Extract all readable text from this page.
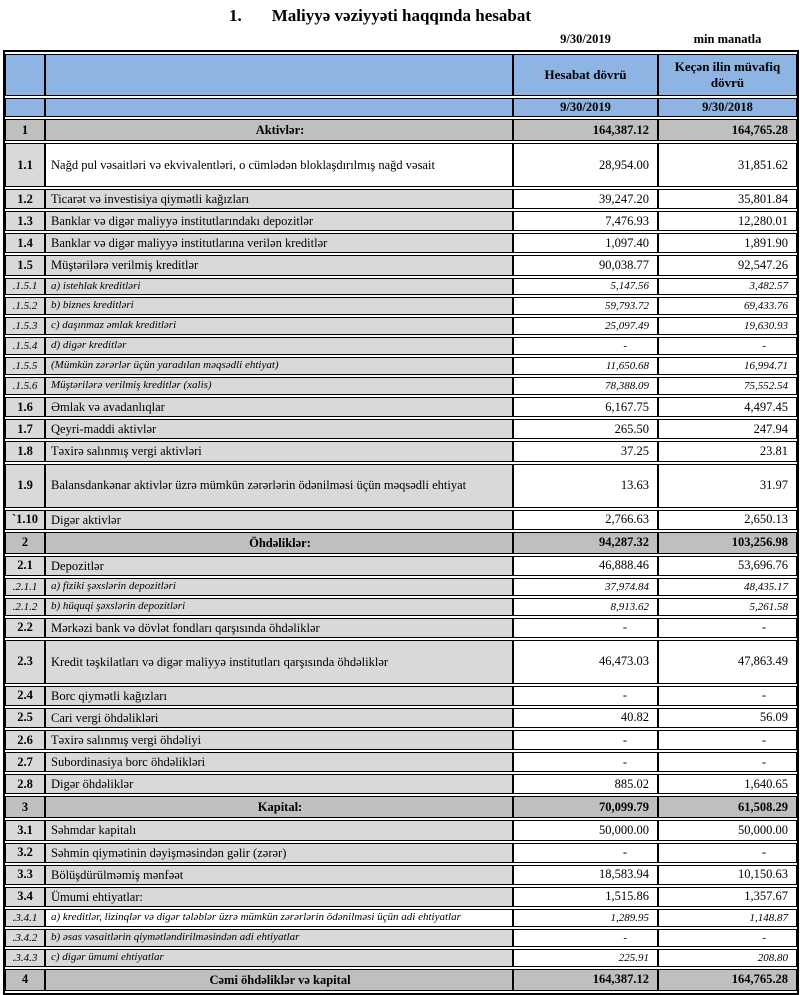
1. Maliyyə vəziyyəti haqqında hesabat
9/30/2019	min manatla
		Hesabat dövrü	Keçən ilin müvafiq dövrü
		9/30/2019	9/30/2018
1	Aktivlər:	164,387.12	164,765.28
1.1	Nağd pul vəsaitləri və ekvivalentləri, o cümlədən bloklaşdırılmış nağd vəsait	28,954.00	31,851.62
1.2	Ticarət və investisiya qiymətli kağızları	39,247.20	35,801.84
1.3	Banklar və digər maliyyə institutlarındakı depozitlər	7,476.93	12,280.01
1.4	Banklar və digər maliyyə institutlarına verilən kreditlər	1,097.40	1,891.90
1.5	Müştərilərə verilmiş kreditlər	90,038.77	92,547.26
.1.5.1	a) istehlak kreditləri	5,147.56	3,482.57
.1.5.2	b) biznes kreditləri	59,793.72	69,433.76
.1.5.3	c) daşınmaz əmlak kreditləri	25,097.49	19,630.93
.1.5.4	d) digər kreditlər	-	-
.1.5.5	(Mümkün zərərlər üçün yaradılan məqsədli ehtiyat)	11,650.68	16,994.71
.1.5.6	Müştərilərə verilmiş kreditlər (xalis)	78,388.09	75,552.54
1.6	Əmlak və avadanlıqlar	6,167.75	4,497.45
1.7	Qeyri-maddi aktivlər	265.50	247.94
1.8	Təxirə salınmış vergi aktivləri	37.25	23.81
1.9	Balansdankənar aktivlər üzrə mümkün zərərlərin ödənilməsi üçün məqsədli ehtiyat	13.63	31.97
`1.10	Digər aktivlər	2,766.63	2,650.13
2	Öhdəliklər:	94,287.32	103,256.98
2.1	Depozitlər	46,888.46	53,696.76
.2.1.1	a) fiziki şəxslərin depozitləri	37,974.84	48,435.17
.2.1.2	b) hüquqi şəxslərin depozitləri	8,913.62	5,261.58
2.2	Mərkəzi bank və dövlət fondları qarşısında öhdəliklər	-	-
2.3	Kredit təşkilatları və digər maliyyə institutları qarşısında öhdəliklər	46,473.03	47,863.49
2.4	Borc qiymətli kağızları	-	-
2.5	Cari vergi öhdəlikləri	40.82	56.09
2.6	Təxirə salınmış vergi öhdəliyi	-	-
2.7	Subordinasiya borc öhdəlikləri	-	-
2.8	Digər öhdəliklər	885.02	1,640.65
3	Kapital:	70,099.79	61,508.29
3.1	Səhmdar kapitalı	50,000.00	50,000.00
3.2	Səhmin qiymətinin dəyişməsindən gəlir (zərər)	-	-
3.3	Bölüşdürülməmiş mənfəət	18,583.94	10,150.63
3.4	Ümumi ehtiyatlar:	1,515.86	1,357.67
.3.4.1	a) kreditlər, lizinqlər və digər tələblər üzrə mümkün zərərlərin ödənilməsi üçün adi ehtiyatlar	1,289.95	1,148.87
.3.4.2	b) əsas vəsaitlərin qiymətləndirilməsindən adi ehtiyatlar	-	-
.3.4.3	c) digər ümumi ehtiyatlar	225.91	208.80
4	Cəmi öhdəliklər və kapital	164,387.12	164,765.28
